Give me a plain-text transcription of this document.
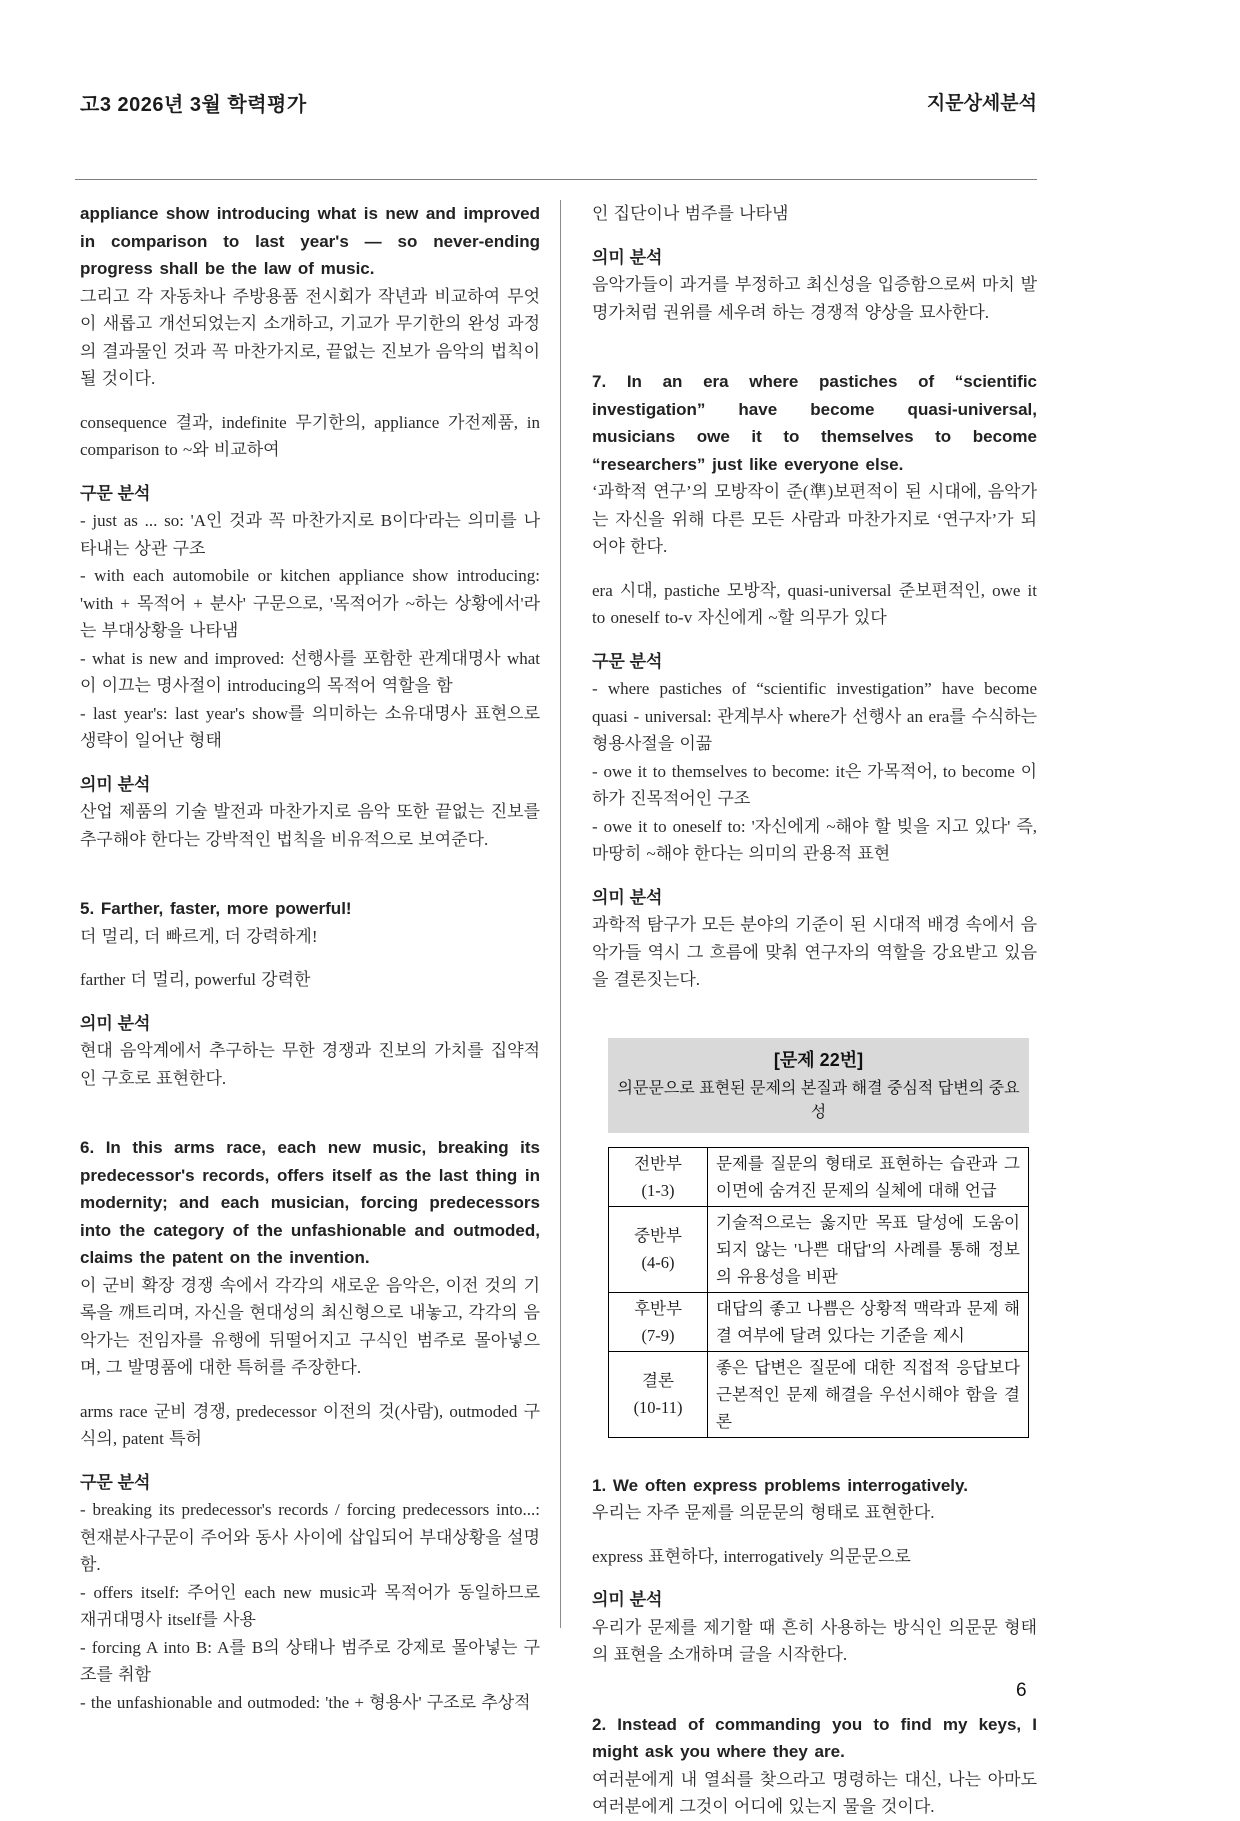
고3 2026년 3월 학력평가	지문상세분석

appliance show introducing what is new and improved in comparison to last year's — so never-ending progress shall be the law of music.

그리고 각 자동차나 주방용품 전시회가 작년과 비교하여 무엇이 새롭고 개선되었는지 소개하고, 기교가 무기한의 완성 과정의 결과물인 것과 꼭 마찬가지로, 끝없는 진보가 음악의 법칙이 될 것이다.

consequence 결과, indefinite 무기한의, appliance 가전제품, in comparison to ~와 비교하여

구문 분석

- just as ... so: 'A인 것과 꼭 마찬가지로 B이다'라는 의미를 나타내는 상관 구조

- with each automobile or kitchen appliance show introducing: 'with + 목적어 + 분사' 구문으로, '목적어가 ~하는 상황에서'라는 부대상황을 나타냄

- what is new and improved: 선행사를 포함한 관계대명사 what이 이끄는 명사절이 introducing의 목적어 역할을 함

- last year's: last year's show를 의미하는 소유대명사 표현으로 생략이 일어난 형태

의미 분석

산업 제품의 기술 발전과 마찬가지로 음악 또한 끝없는 진보를 추구해야 한다는 강박적인 법칙을 비유적으로 보여준다.

5. Farther, faster, more powerful!

더 멀리, 더 빠르게, 더 강력하게!

farther 더 멀리, powerful 강력한

의미 분석

현대 음악계에서 추구하는 무한 경쟁과 진보의 가치를 집약적인 구호로 표현한다.

6. In this arms race, each new music, breaking its predecessor's records, offers itself as the last thing in modernity; and each musician, forcing predecessors into the category of the unfashionable and outmoded, claims the patent on the invention.

이 군비 확장 경쟁 속에서 각각의 새로운 음악은, 이전 것의 기록을 깨트리며, 자신을 현대성의 최신형으로 내놓고, 각각의 음악가는 전임자를 유행에 뒤떨어지고 구식인 범주로 몰아넣으며, 그 발명품에 대한 특허를 주장한다.

arms race 군비 경쟁, predecessor 이전의 것(사람), outmoded 구식의, patent 특허

구문 분석

- breaking its predecessor's records / forcing predecessors into...: 현재분사구문이 주어와 동사 사이에 삽입되어 부대상황을 설명함.

- offers itself: 주어인 each new music과 목적어가 동일하므로 재귀대명사 itself를 사용

- forcing A into B: A를 B의 상태나 범주로 강제로 몰아넣는 구조를 취함

- the unfashionable and outmoded: 'the + 형용사' 구조로 추상적

인 집단이나 범주를 나타냄

의미 분석

음악가들이 과거를 부정하고 최신성을 입증함으로써 마치 발명가처럼 권위를 세우려 하는 경쟁적 양상을 묘사한다.

7. In an era where pastiches of “scientific investigation” have become quasi-universal, musicians owe it to themselves to become “researchers” just like everyone else.

‘과학적 연구’의 모방작이 준(準)보편적이 된 시대에, 음악가는 자신을 위해 다른 모든 사람과 마찬가지로 ‘연구자’가 되어야 한다.

era 시대, pastiche 모방작, quasi-universal 준보편적인, owe it to oneself to-v 자신에게 ~할 의무가 있다

구문 분석

- where pastiches of “scientific investigation” have become quasi - universal: 관계부사 where가 선행사 an era를 수식하는 형용사절을 이끎

- owe it to themselves to become: it은 가목적어, to become 이하가 진목적어인 구조

- owe it to oneself to: '자신에게 ~해야 할 빚을 지고 있다' 즉, 마땅히 ~해야 한다는 의미의 관용적 표현

의미 분석

과학적 탐구가 모든 분야의 기준이 된 시대적 배경 속에서 음악가들 역시 그 흐름에 맞춰 연구자의 역할을 강요받고 있음을 결론짓는다.

[문제 22번]
의문문으로 표현된 문제의 본질과 해결 중심적 답변의 중요성
전반부
(1-3)	문제를 질문의 형태로 표현하는 습관과 그 이면에 숨겨진 문제의 실체에 대해 언급

중반부
(4-6)	기술적으로는 옳지만 목표 달성에 도움이 되지 않는 '나쁜 대답'의 사례를 통해 정보의 유용성을 비판

후반부
(7-9)	대답의 좋고 나쁨은 상황적 맥락과 문제 해결 여부에 달려 있다는 기준을 제시

결론
(10-11)	좋은 답변은 질문에 대한 직접적 응답보다 근본적인 문제 해결을 우선시해야 함을 결론

1. We often express problems interrogatively.

우리는 자주 문제를 의문문의 형태로 표현한다.

express 표현하다, interrogatively 의문문으로

의미 분석

우리가 문제를 제기할 때 흔히 사용하는 방식인 의문문 형태의 표현을 소개하며 글을 시작한다.

2. Instead of commanding you to find my keys, I might ask you where they are.

여러분에게 내 열쇠를 찾으라고 명령하는 대신, 나는 아마도 여러분에게 그것이 어디에 있는지 물을 것이다.

6
